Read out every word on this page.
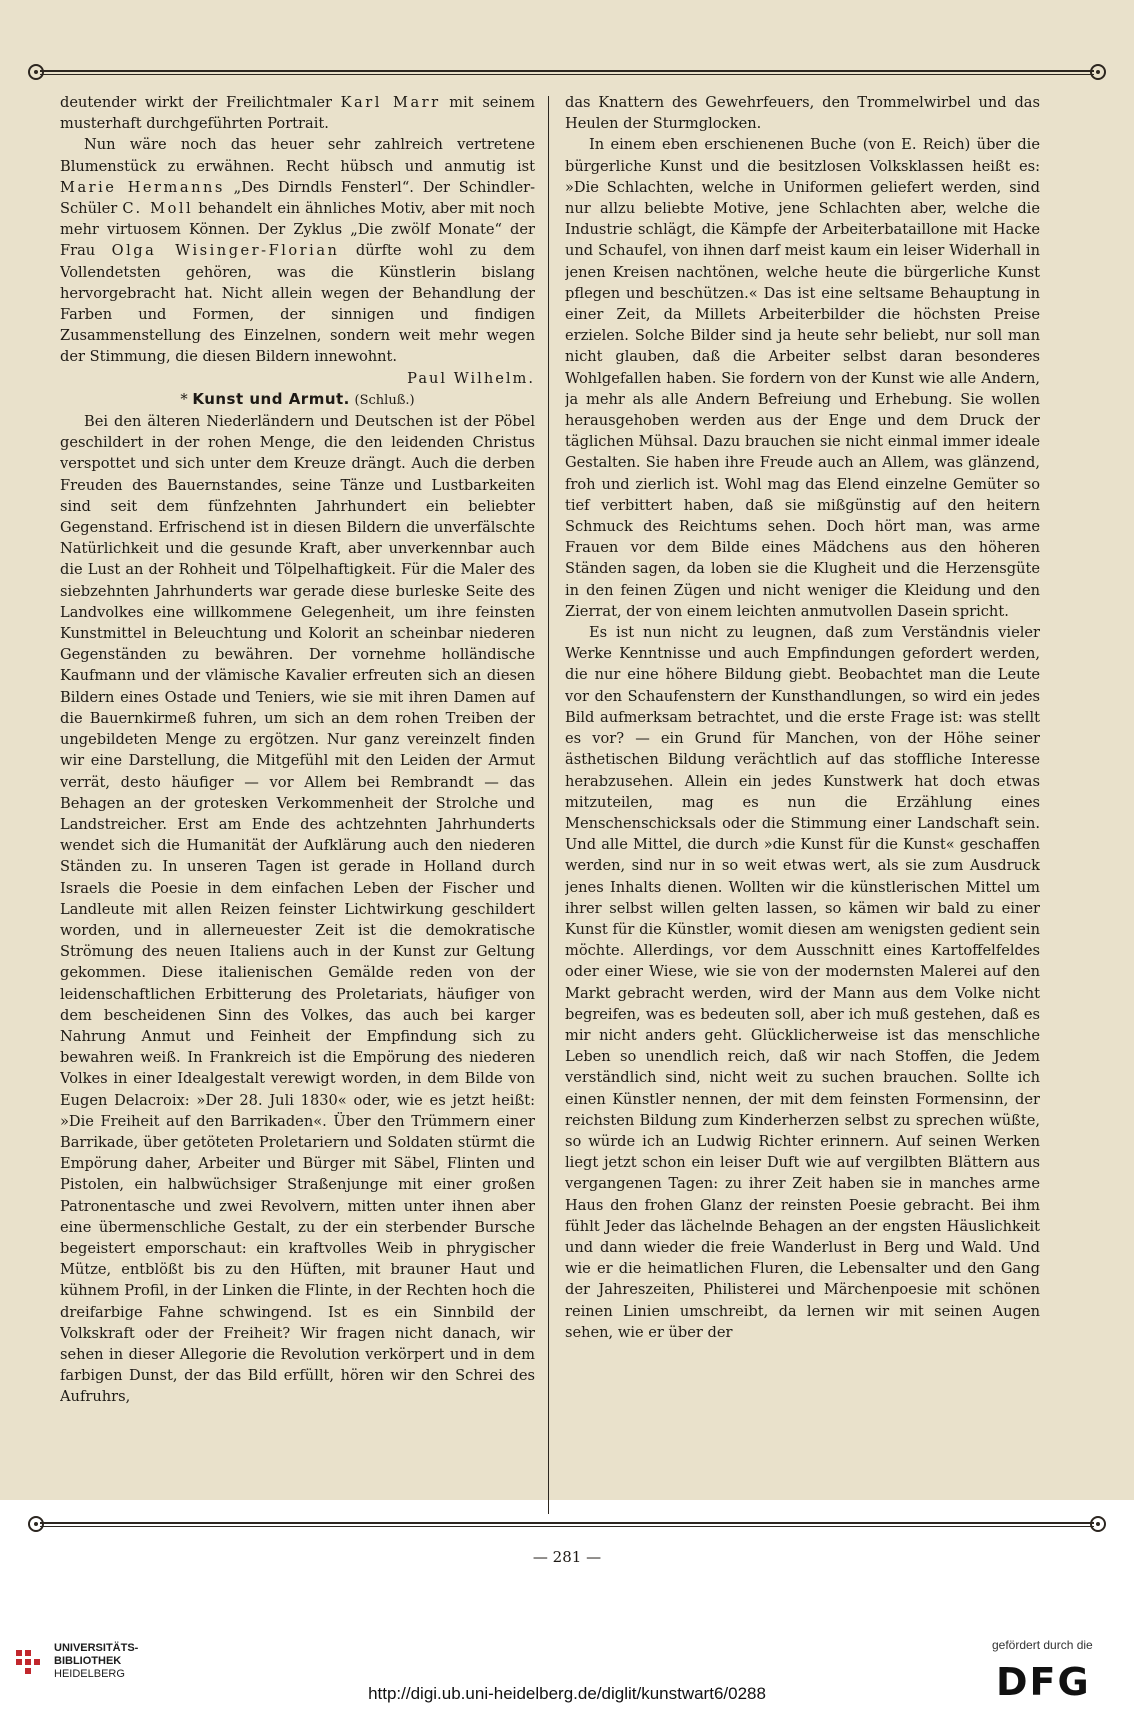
deutender wirkt der Freilichtmaler Karl Marr mit seinem musterhaft durchgeführten Portrait.

Nun wäre noch das heuer sehr zahlreich vertretene Blumenstück zu erwähnen. Recht hübsch und anmutig ist Marie Hermanns „Des Dirndls Fensterl“. Der Schindler-Schüler C. Moll behandelt ein ähnliches Motiv, aber mit noch mehr virtuosem Können. Der Zyklus „Die zwölf Monate“ der Frau Olga Wisinger-Florian dürfte wohl zu dem Vollendetsten gehören, was die Künstlerin bislang hervorgebracht hat. Nicht allein wegen der Behandlung der Farben und Formen, der sinnigen und findigen Zusammenstellung des Einzelnen, sondern weit mehr wegen der Stimmung, die diesen Bildern innewohnt.

Paul Wilhelm.

* Kunst und Armut. (Schluß.)

Bei den älteren Niederländern und Deutschen ist der Pöbel geschildert in der rohen Menge, die den leidenden Christus verspottet und sich unter dem Kreuze drängt. Auch die derben Freuden des Bauernstandes, seine Tänze und Lustbarkeiten sind seit dem fünfzehnten Jahrhundert ein beliebter Gegenstand. Erfrischend ist in diesen Bildern die unverfälschte Natürlichkeit und die gesunde Kraft, aber unverkennbar auch die Lust an der Rohheit und Tölpelhaftigkeit. Für die Maler des siebzehnten Jahrhunderts war gerade diese burleske Seite des Landvolkes eine willkommene Gelegenheit, um ihre feinsten Kunstmittel in Beleuchtung und Kolorit an scheinbar niederen Gegenständen zu bewähren. Der vornehme holländische Kaufmann und der vlämische Kavalier erfreuten sich an diesen Bildern eines Ostade und Teniers, wie sie mit ihren Damen auf die Bauernkirmeß fuhren, um sich an dem rohen Treiben der ungebildeten Menge zu ergötzen. Nur ganz vereinzelt finden wir eine Darstellung, die Mitgefühl mit den Leiden der Armut verrät, desto häufiger — vor Allem bei Rembrandt — das Behagen an der grotesken Verkommenheit der Strolche und Landstreicher. Erst am Ende des achtzehnten Jahrhunderts wendet sich die Humanität der Aufklärung auch den niederen Ständen zu. In unseren Tagen ist gerade in Holland durch Israels die Poesie in dem einfachen Leben der Fischer und Landleute mit allen Reizen feinster Lichtwirkung geschildert worden, und in allerneuester Zeit ist die demokratische Strömung des neuen Italiens auch in der Kunst zur Geltung gekommen. Diese italienischen Gemälde reden von der leidenschaftlichen Erbitterung des Proletariats, häufiger von dem bescheidenen Sinn des Volkes, das auch bei karger Nahrung Anmut und Feinheit der Empfindung sich zu bewahren weiß. In Frankreich ist die Empörung des niederen Volkes in einer Idealgestalt verewigt worden, in dem Bilde von Eugen Delacroix: »Der 28. Juli 1830« oder, wie es jetzt heißt: »Die Freiheit auf den Barrikaden«. Über den Trümmern einer Barrikade, über getöteten Proletariern und Soldaten stürmt die Empörung daher, Arbeiter und Bürger mit Säbel, Flinten und Pistolen, ein halbwüchsiger Straßenjunge mit einer großen Patronentasche und zwei Revolvern, mitten unter ihnen aber eine übermenschliche Gestalt, zu der ein sterbender Bursche begeistert emporschaut: ein kraftvolles Weib in phrygischer Mütze, entblößt bis zu den Hüften, mit brauner Haut und kühnem Profil, in der Linken die Flinte, in der Rechten hoch die dreifarbige Fahne schwingend. Ist es ein Sinnbild der Volkskraft oder der Freiheit? Wir fragen nicht danach, wir sehen in dieser Allegorie die Revolution verkörpert und in dem farbigen Dunst, der das Bild erfüllt, hören wir den Schrei des Aufruhrs,

das Knattern des Gewehrfeuers, den Trommelwirbel und das Heulen der Sturmglocken.

In einem eben erschienenen Buche (von E. Reich) über die bürgerliche Kunst und die besitzlosen Volksklassen heißt es: »Die Schlachten, welche in Uniformen geliefert werden, sind nur allzu beliebte Motive, jene Schlachten aber, welche die Industrie schlägt, die Kämpfe der Arbeiterbataillone mit Hacke und Schaufel, von ihnen darf meist kaum ein leiser Widerhall in jenen Kreisen nachtönen, welche heute die bürgerliche Kunst pflegen und beschützen.« Das ist eine seltsame Behauptung in einer Zeit, da Millets Arbeiterbilder die höchsten Preise erzielen. Solche Bilder sind ja heute sehr beliebt, nur soll man nicht glauben, daß die Arbeiter selbst daran besonderes Wohlgefallen haben. Sie fordern von der Kunst wie alle Andern, ja mehr als alle Andern Befreiung und Erhebung. Sie wollen herausgehoben werden aus der Enge und dem Druck der täglichen Mühsal. Dazu brauchen sie nicht einmal immer ideale Gestalten. Sie haben ihre Freude auch an Allem, was glänzend, froh und zierlich ist. Wohl mag das Elend einzelne Gemüter so tief verbittert haben, daß sie mißgünstig auf den heitern Schmuck des Reichtums sehen. Doch hört man, was arme Frauen vor dem Bilde eines Mädchens aus den höheren Ständen sagen, da loben sie die Klugheit und die Herzensgüte in den feinen Zügen und nicht weniger die Kleidung und den Zierrat, der von einem leichten anmutvollen Dasein spricht.

Es ist nun nicht zu leugnen, daß zum Verständnis vieler Werke Kenntnisse und auch Empfindungen gefordert werden, die nur eine höhere Bildung giebt. Beobachtet man die Leute vor den Schaufenstern der Kunsthandlungen, so wird ein jedes Bild aufmerksam betrachtet, und die erste Frage ist: was stellt es vor? — ein Grund für Manchen, von der Höhe seiner ästhetischen Bildung verächtlich auf das stoffliche Interesse herabzusehen. Allein ein jedes Kunstwerk hat doch etwas mitzuteilen, mag es nun die Erzählung eines Menschenschicksals oder die Stimmung einer Landschaft sein. Und alle Mittel, die durch »die Kunst für die Kunst« geschaffen werden, sind nur in so weit etwas wert, als sie zum Ausdruck jenes Inhalts dienen. Wollten wir die künstlerischen Mittel um ihrer selbst willen gelten lassen, so kämen wir bald zu einer Kunst für die Künstler, womit diesen am wenigsten gedient sein möchte. Allerdings, vor dem Ausschnitt eines Kartoffelfeldes oder einer Wiese, wie sie von der modernsten Malerei auf den Markt gebracht werden, wird der Mann aus dem Volke nicht begreifen, was es bedeuten soll, aber ich muß gestehen, daß es mir nicht anders geht. Glücklicherweise ist das menschliche Leben so unendlich reich, daß wir nach Stoffen, die Jedem verständlich sind, nicht weit zu suchen brauchen. Sollte ich einen Künstler nennen, der mit dem feinsten Formensinn, der reichsten Bildung zum Kinderherzen selbst zu sprechen wüßte, so würde ich an Ludwig Richter erinnern. Auf seinen Werken liegt jetzt schon ein leiser Duft wie auf vergilbten Blättern aus vergangenen Tagen: zu ihrer Zeit haben sie in manches arme Haus den frohen Glanz der reinsten Poesie gebracht. Bei ihm fühlt Jeder das lächelnde Behagen an der engsten Häuslichkeit und dann wieder die freie Wanderlust in Berg und Wald. Und wie er die heimatlichen Fluren, die Lebensalter und den Gang der Jahreszeiten, Philisterei und Märchenpoesie mit schönen reinen Linien umschreibt, da lernen wir mit seinen Augen sehen, wie er über der

— 281 —
UNIVERSITÄTS-
BIBLIOTHEK
HEIDELBERG
http://digi.ub.uni-heidelberg.de/diglit/kunstwart6/0288
gefördert durch die
DFG
